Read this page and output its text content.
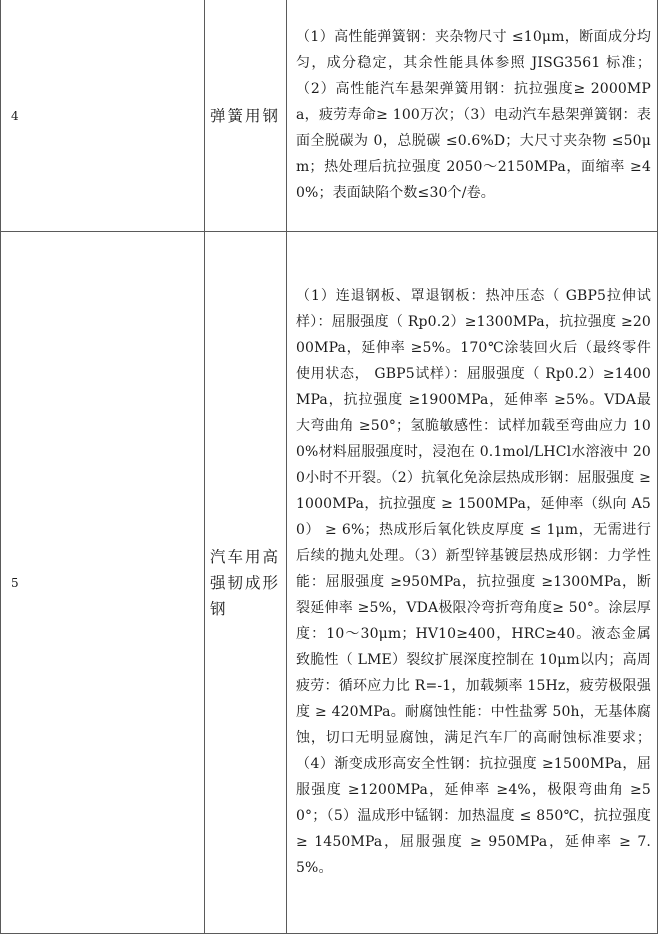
4	弹簧用钢	（1）高性能弹簧钢：夹杂物尺寸 ≤10μm，断面成分均匀，成分稳定，其余性能具体参照 JISG3561 标准；（2）高性能汽车悬架弹簧用钢：抗拉强度≥ 2000MPa，疲劳寿命≥ 100万次；（3）电动汽车悬架弹簧钢：表面全脱碳为 0，总脱碳 ≤0.6%D；大尺寸夹杂物 ≤50μm；热处理后抗拉强度 2050～2150MPa，面缩率 ≥40%；表面缺陷个数≤30个/卷。
5	汽车用高强韧成形钢	（1）连退钢板、罩退钢板：热冲压态（ GBP5拉伸试样）：屈服强度（ Rp0.2）≥1300MPa，抗拉强度 ≥2000MPa，延伸率 ≥5%。170℃涂装回火后（最终零件使用状态， GBP5试样）：屈服强度（ Rp0.2）≥1400MPa，抗拉强度 ≥1900MPa，延伸率 ≥5%。VDA最大弯曲角 ≥50°；氢脆敏感性：试样加载至弯曲应力 100%材料屈服强度时，浸泡在 0.1mol/LHCl水溶液中 200小时不开裂。（2）抗氧化免涂层热成形钢：屈服强度 ≥ 1000MPa，抗拉强度 ≥ 1500MPa，延伸率（纵向 A50） ≥ 6%；热成形后氧化铁皮厚度 ≤ 1μm，无需进行后续的抛丸处理。（3）新型锌基镀层热成形钢：力学性能：屈服强度 ≥950MPa，抗拉强度 ≥1300MPa，断裂延伸率 ≥5%，VDA极限冷弯折弯角度≥ 50°。涂层厚度：10～30μm；HV10≥400，HRC≥40。液态金属致脆性（ LME）裂纹扩展深度控制在 10μm以内；高周疲劳：循环应力比 R=-1，加载频率 15Hz，疲劳极限强度 ≥ 420MPa。耐腐蚀性能：中性盐雾 50h，无基体腐蚀，切口无明显腐蚀，满足汽车厂的高耐蚀标准要求；（4）渐变成形高安全性钢：抗拉强度 ≥1500MPa，屈服强度 ≥1200MPa，延伸率 ≥4%，极限弯曲角 ≥50°；（5）温成形中锰钢：加热温度 ≤ 850℃，抗拉强度 ≥ 1450MPa，屈服强度 ≥ 950MPa，延伸率 ≥ 7.5%。
